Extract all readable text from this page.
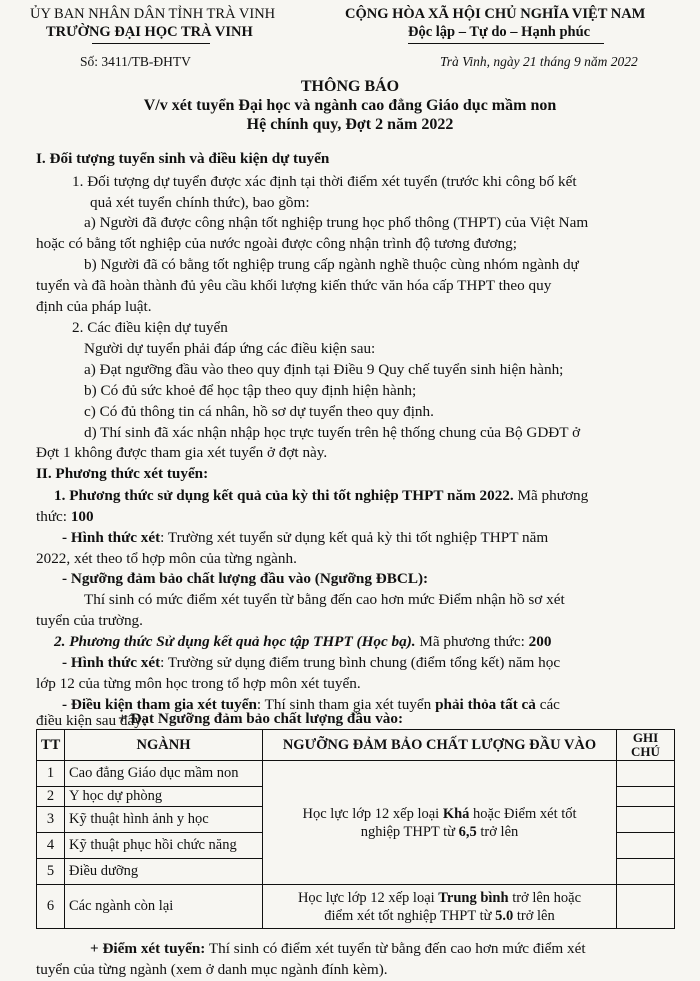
ỦY BAN NHÂN DÂN TỈNH TRÀ VINH
TRƯỜNG ĐẠI HỌC TRÀ VINH
CỘNG HÒA XÃ HỘI CHỦ NGHĨA VIỆT NAM
Độc lập – Tự do – Hạnh phúc
Số: 3411/TB-ĐHTV	Trà Vinh, ngày 21 tháng 9 năm 2022
THÔNG BÁO
V/v xét tuyển Đại học và ngành cao đẳng Giáo dục mầm non
Hệ chính quy, Đợt 2 năm 2022
I. Đối tượng tuyển sinh và điều kiện dự tuyển
1. Đối tượng dự tuyển được xác định tại thời điểm xét tuyển (trước khi công bố kết
quả xét tuyển chính thức), bao gồm:
a) Người đã được công nhận tốt nghiệp trung học phổ thông (THPT) của Việt Nam
hoặc có bằng tốt nghiệp của nước ngoài được công nhận trình độ tương đương;
b) Người đã có bằng tốt nghiệp trung cấp ngành nghề thuộc cùng nhóm ngành dự
tuyển và đã hoàn thành đủ yêu cầu khối lượng kiến thức văn hóa cấp THPT theo quy
định của pháp luật.
2. Các điều kiện dự tuyển
Người dự tuyển phải đáp ứng các điều kiện sau:
a) Đạt ngưỡng đầu vào theo quy định tại Điều 9 Quy chế tuyển sinh hiện hành;
b) Có đủ sức khoẻ để học tập theo quy định hiện hành;
c) Có đủ thông tin cá nhân, hồ sơ dự tuyển theo quy định.
d) Thí sinh đã xác nhận nhập học trực tuyến trên hệ thống chung của Bộ GDĐT ở
Đợt 1 không được tham gia xét tuyển ở đợt này.
II. Phương thức xét tuyển:
1. Phương thức sử dụng kết quả của kỳ thi tốt nghiệp THPT năm 2022. Mã phương
thức: 100
- Hình thức xét: Trường xét tuyển sử dụng kết quả kỳ thi tốt nghiệp THPT năm
2022, xét theo tổ hợp môn của từng ngành.
- Ngưỡng đảm bảo chất lượng đầu vào (Ngưỡng ĐBCL):
Thí sinh có mức điểm xét tuyển từ bằng đến cao hơn mức Điểm nhận hồ sơ xét
tuyển của trường.
2. Phương thức Sử dụng kết quả học tập THPT (Học bạ). Mã phương thức: 200
- Hình thức xét: Trường sử dụng điểm trung bình chung (điểm tổng kết) năm học
lớp 12 của từng môn học trong tổ hợp môn xét tuyển.
- Điều kiện tham gia xét tuyển: Thí sinh tham gia xét tuyển phải thỏa tất cả các
điều kiện sau đây:
+ Đạt Ngưỡng đảm bảo chất lượng đầu vào:
TT	NGÀNH	NGƯỠNG ĐẢM BẢO CHẤT LƯỢNG ĐẦU VÀO	GHI CHÚ
1	Cao đẳng Giáo dục mầm non	Học lực lớp 12 xếp loại Khá hoặc Điểm xét tốt
nghiệp THPT từ 6,5 trở lên	
2	Y học dự phòng		
3	Kỹ thuật hình ảnh y học		
4	Kỹ thuật phục hồi chức năng		
5	Điều dưỡng		
6	Các ngành còn lại	Học lực lớp 12 xếp loại Trung bình trở lên hoặc
điểm xét tốt nghiệp THPT từ 5.0 trở lên	
+ Điểm xét tuyển: Thí sinh có điểm xét tuyển từ bằng đến cao hơn mức điểm xét
tuyển của từng ngành (xem ở danh mục ngành đính kèm).
